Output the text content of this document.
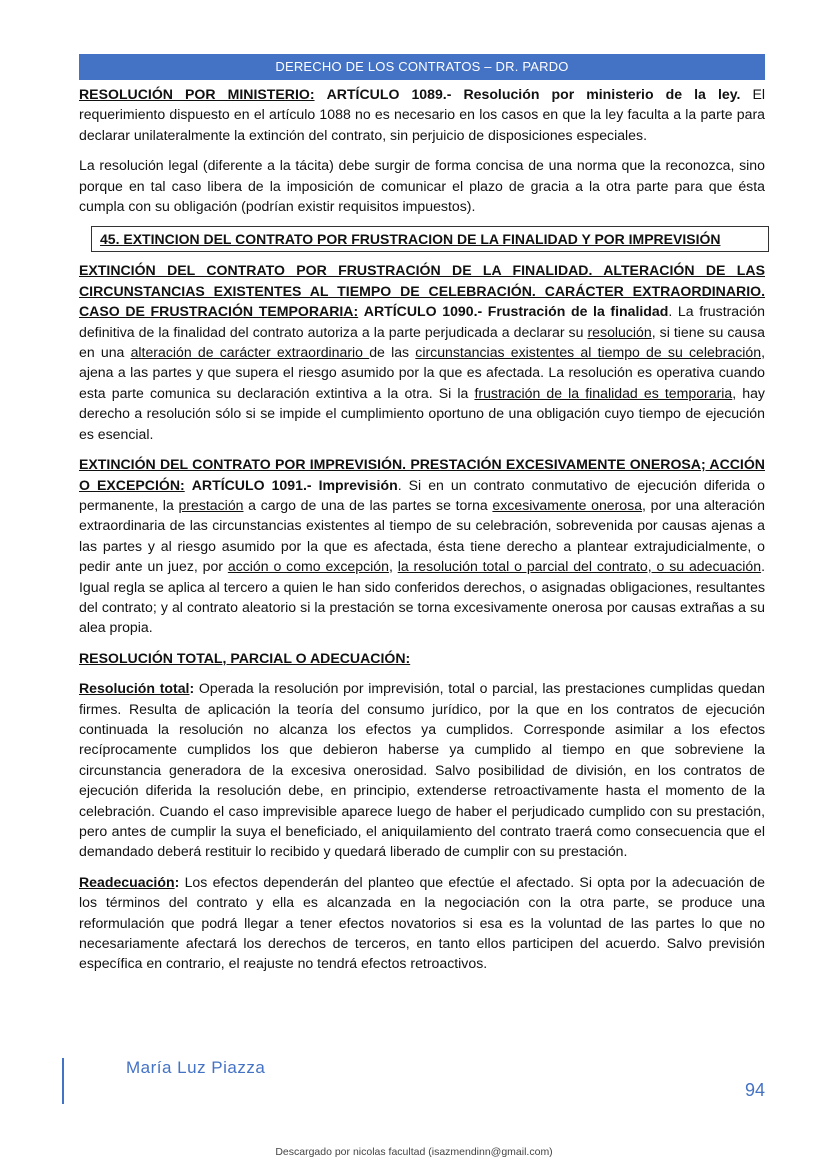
DERECHO DE LOS CONTRATOS – DR. PARDO

RESOLUCIÓN POR MINISTERIO: ARTÍCULO 1089.- Resolución por ministerio de la ley. El requerimiento dispuesto en el artículo 1088 no es necesario en los casos en que la ley faculta a la parte para declarar unilateralmente la extinción del contrato, sin perjuicio de disposiciones especiales.

La resolución legal (diferente a la tácita) debe surgir de forma concisa de una norma que la reconozca, sino porque en tal caso libera de la imposición de comunicar el plazo de gracia a la otra parte para que ésta cumpla con su obligación (podrían existir requisitos impuestos).

45. EXTINCION DEL CONTRATO POR FRUSTRACION DE LA FINALIDAD Y POR IMPREVISIÓN

EXTINCIÓN DEL CONTRATO POR FRUSTRACIÓN DE LA FINALIDAD. ALTERACIÓN DE LAS CIRCUNSTANCIAS EXISTENTES AL TIEMPO DE CELEBRACIÓN. CARÁCTER EXTRAORDINARIO. CASO DE FRUSTRACIÓN TEMPORARIA: ARTÍCULO 1090.- Frustración de la finalidad. La frustración definitiva de la finalidad del contrato autoriza a la parte perjudicada a declarar su resolución, si tiene su causa en una alteración de carácter extraordinario de las circunstancias existentes al tiempo de su celebración, ajena a las partes y que supera el riesgo asumido por la que es afectada. La resolución es operativa cuando esta parte comunica su declaración extintiva a la otra. Si la frustración de la finalidad es temporaria, hay derecho a resolución sólo si se impide el cumplimiento oportuno de una obligación cuyo tiempo de ejecución es esencial.

EXTINCIÓN DEL CONTRATO POR IMPREVISIÓN. PRESTACIÓN EXCESIVAMENTE ONEROSA; ACCIÓN O EXCEPCIÓN: ARTÍCULO 1091.- Imprevisión. Si en un contrato conmutativo de ejecución diferida o permanente, la prestación a cargo de una de las partes se torna excesivamente onerosa, por una alteración extraordinaria de las circunstancias existentes al tiempo de su celebración, sobrevenida por causas ajenas a las partes y al riesgo asumido por la que es afectada, ésta tiene derecho a plantear extrajudicialmente, o pedir ante un juez, por acción o como excepción, la resolución total o parcial del contrato, o su adecuación. Igual regla se aplica al tercero a quien le han sido conferidos derechos, o asignadas obligaciones, resultantes del contrato; y al contrato aleatorio si la prestación se torna excesivamente onerosa por causas extrañas a su alea propia.

RESOLUCIÓN TOTAL, PARCIAL O ADECUACIÓN:

Resolución total: Operada la resolución por imprevisión, total o parcial, las prestaciones cumplidas quedan firmes. Resulta de aplicación la teoría del consumo jurídico, por la que en los contratos de ejecución continuada la resolución no alcanza los efectos ya cumplidos. Corresponde asimilar a los efectos recíprocamente cumplidos los que debieron haberse ya cumplido al tiempo en que sobreviene la circunstancia generadora de la excesiva onerosidad. Salvo posibilidad de división, en los contratos de ejecución diferida la resolución debe, en principio, extenderse retroactivamente hasta el momento de la celebración. Cuando el caso imprevisible aparece luego de haber el perjudicado cumplido con su prestación, pero antes de cumplir la suya el beneficiado, el aniquilamiento del contrato traerá como consecuencia que el demandado deberá restituir lo recibido y quedará liberado de cumplir con su prestación.

Readecuación: Los efectos dependerán del planteo que efectúe el afectado. Si opta por la adecuación de los términos del contrato y ella es alcanzada en la negociación con la otra parte, se produce una reformulación que podrá llegar a tener efectos novatorios si esa es la voluntad de las partes lo que no necesariamente afectará los derechos de terceros, en tanto ellos participen del acuerdo. Salvo previsión específica en contrario, el reajuste no tendrá efectos retroactivos.

María Luz Piazza
94
Descargado por nicolas facultad (isazmendinn@gmail.com)
